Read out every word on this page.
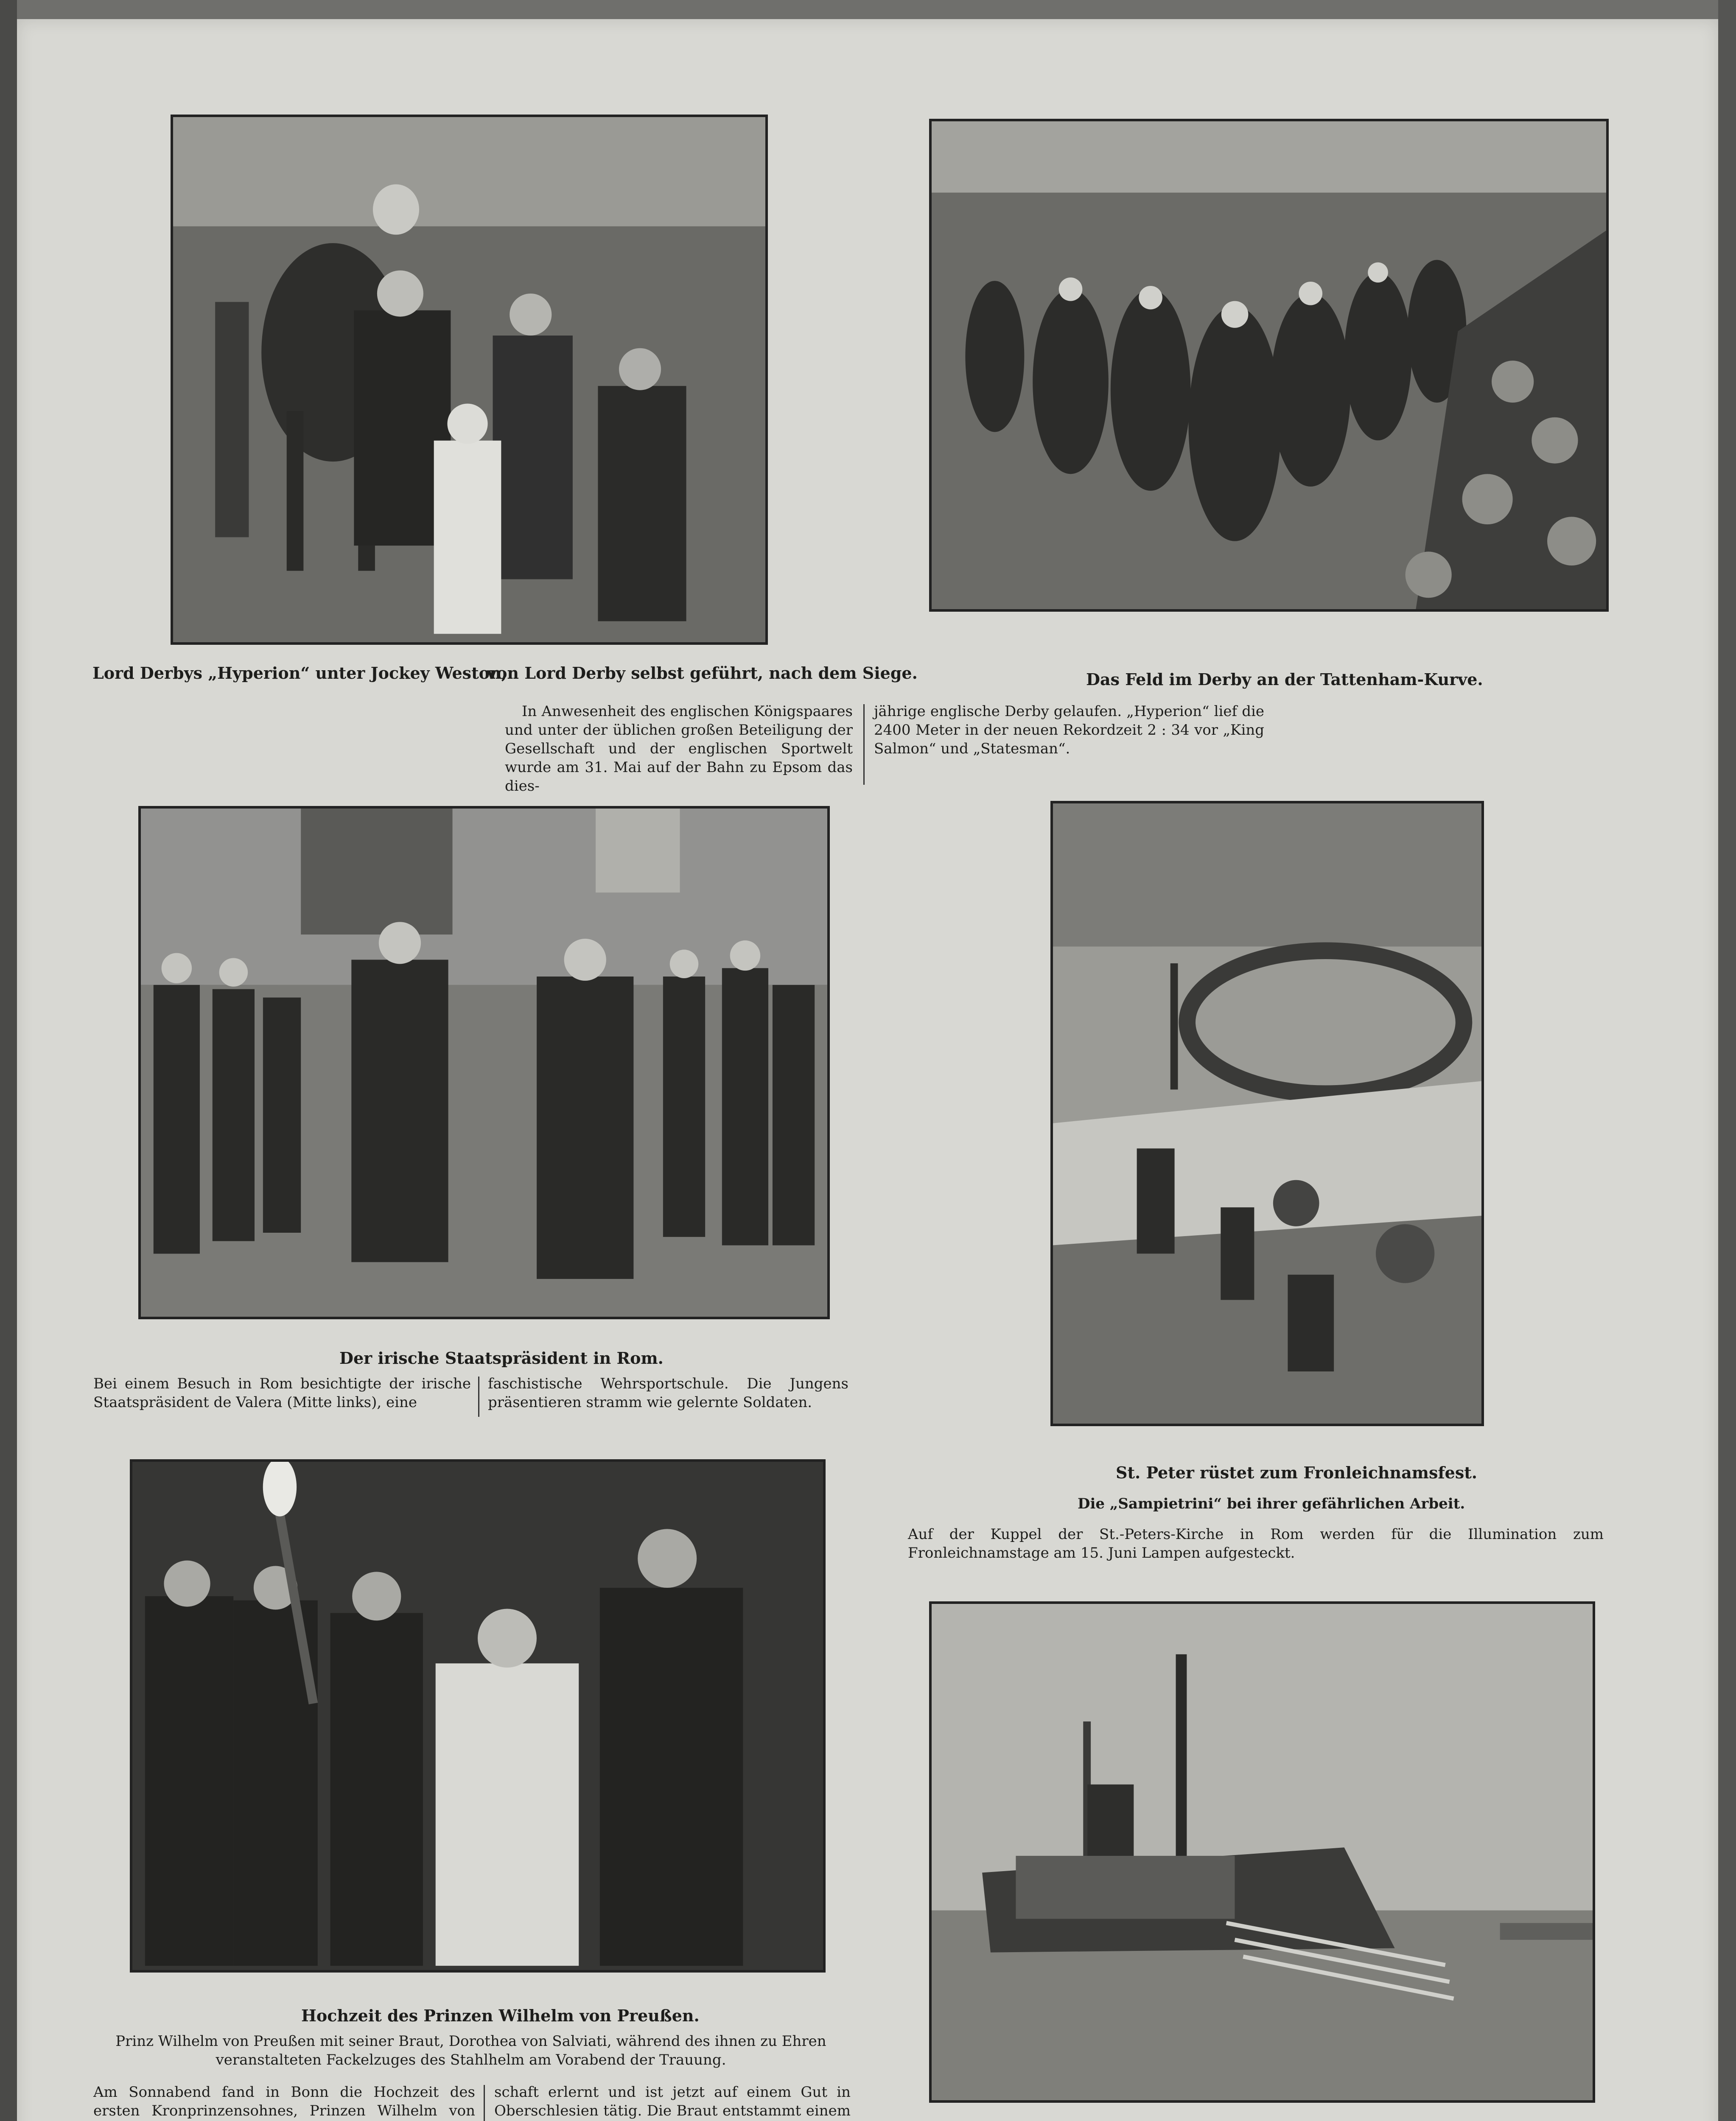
Lord Derbys „Hyperion“ unter Jockey Weston,
von Lord Derby selbst geführt, nach dem Siege.	Das Feld im Derby an der Tattenham-Kurve.
In Anwesenheit des englischen Königspaares und unter der üblichen großen Beteiligung der Gesellschaft und der englischen Sportwelt wurde am 31. Mai auf der Bahn zu Epsom das dies-
jährige englische Derby gelaufen. „Hyperion“ lief die 2400 Meter in der neuen Rekordzeit 2 : 34 vor „King Salmon“ und „Statesman“.
Der irische Staatspräsident in Rom.
Bei einem Besuch in Rom besichtigte der irische Staatspräsident de Valera (Mitte links), eine
faschistische Wehrsportschule. Die Jungens präsentieren stramm wie gelernte Soldaten.
St. Peter rüstet zum Fronleichnamsfest.
Die „Sampietrini“ bei ihrer gefährlichen Arbeit.
Auf der Kuppel der St.-Peters-Kirche in Rom werden für die Illumination zum Fronleichnamstage am 15. Juni Lampen aufgesteckt.
Hochzeit des Prinzen Wilhelm von Preußen.
Prinz Wilhelm von Preußen mit seiner Braut, Dorothea von Salviati, während des ihnen zu Ehren veranstalteten Fackelzuges des Stahlhelm am Vorabend der Trauung.
Am Sonnabend fand in Bonn die Hochzeit des ersten Kronprinzensohnes, Prinzen Wilhelm von
schaft erlernt und ist jetzt auf einem Gut in Oberschlesien tätig. Die Braut entstammt einem
